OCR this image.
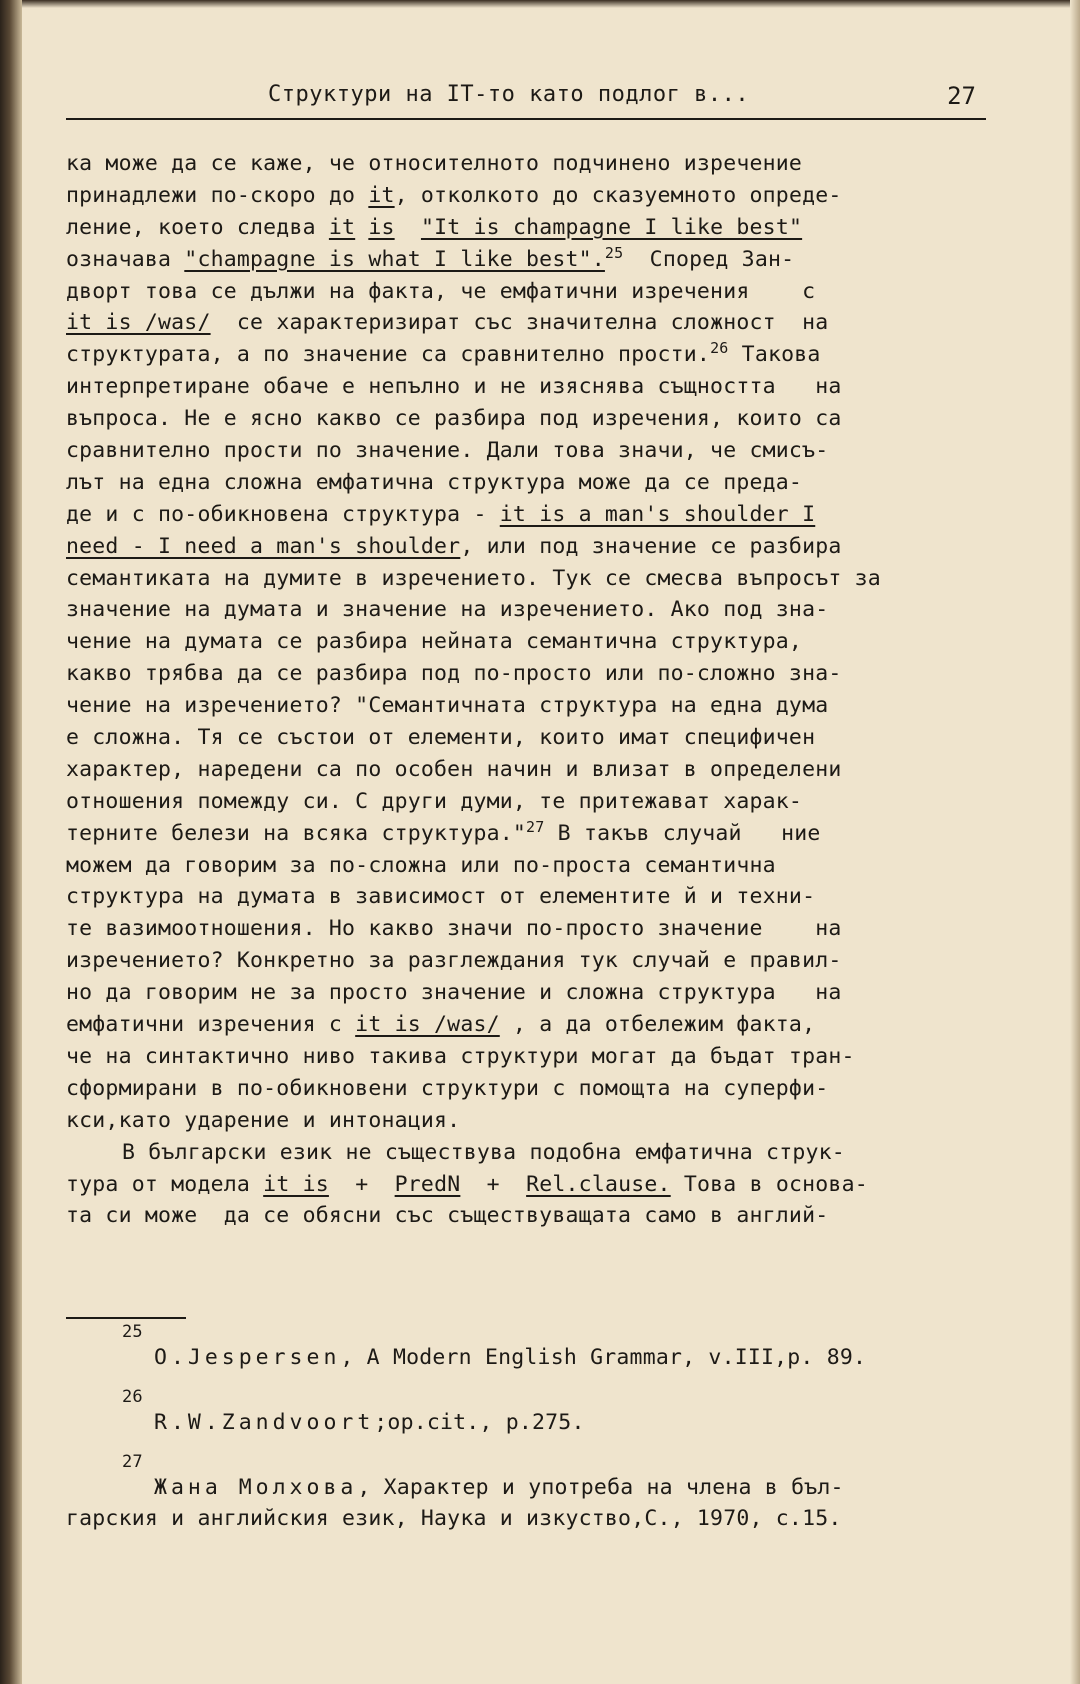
Структури на IT-то като подлог в...	27
ка може да се каже, че относителното подчинено изречение
принадлежи по-скоро до it, отколкото до сказуемното опреде-
ление, което следва it is "It is champagne I like best"
означава "champagne is what I like best".$^{25}$  Според Зан-
дворт това се дължи на факта, че емфатични изречения    с
it is /was/  се характеризират със значителна сложност  на
структурата, а по значение са сравнително прости.$^{26}$ Такова
интерпретиране обаче е непълно и не изяснява същността   на
въпроса. Не е ясно какво се разбира под изречения, които са
сравнително прости по значение. Дали това значи, че смисъ-
лът на една сложна емфатична структура може да се преда-
де и с по-обикновена структура - it is a man's shoulder I
need - I need a man's shoulder, или под значение се разбира
семантиката на думите в изречението. Тук се смесва въпросът за
значение на думата и значение на изречението. Ако под зна-
чение на думата се разбира нейната семантична структура,
какво трябва да се разбира под по-просто или по-сложно зна-
чение на изречението? "Семантичната структура на една дума
е сложна. Тя се състои от елементи, които имат специфичен
характер, наредени са по особен начин и влизат в определени
отношения помежду си. С други думи, те притежават харак-
терните белези на всяка структура."$^{27}$ В такъв случай   ние
можем да говорим за по-сложна или по-проста семантична
структура на думата в зависимост от елементите й и техни-
те вазимоотношения. Но какво значи по-просто значение    на
изречението? Конкретно за разглеждания тук случай е правил-
но да говорим не за просто значение и сложна структура   на
емфатични изречения с it is /was/ , а да отбележим факта,
че на синтактично ниво такива структури могат да бъдат тран-
сформирани в по-обикновени структури с помощта на суперфи-
кси,като ударение и интонация.
В български език не съществува подобна емфатична струк-
тура от модела it is  +  PredN  +  Rel.clause. Това в основа-
та си може  да се обясни със съществуващата само в англий-
25
O.Jespersen, A Modern English Grammar, v.III,p. 89.
26
R.W.Zandvoort;op.cit., p.275.
27
Жана Молхова, Характер и употреба на члена в бъл-
гарския и английския език, Наука и изкуство,С., 1970, с.15.
